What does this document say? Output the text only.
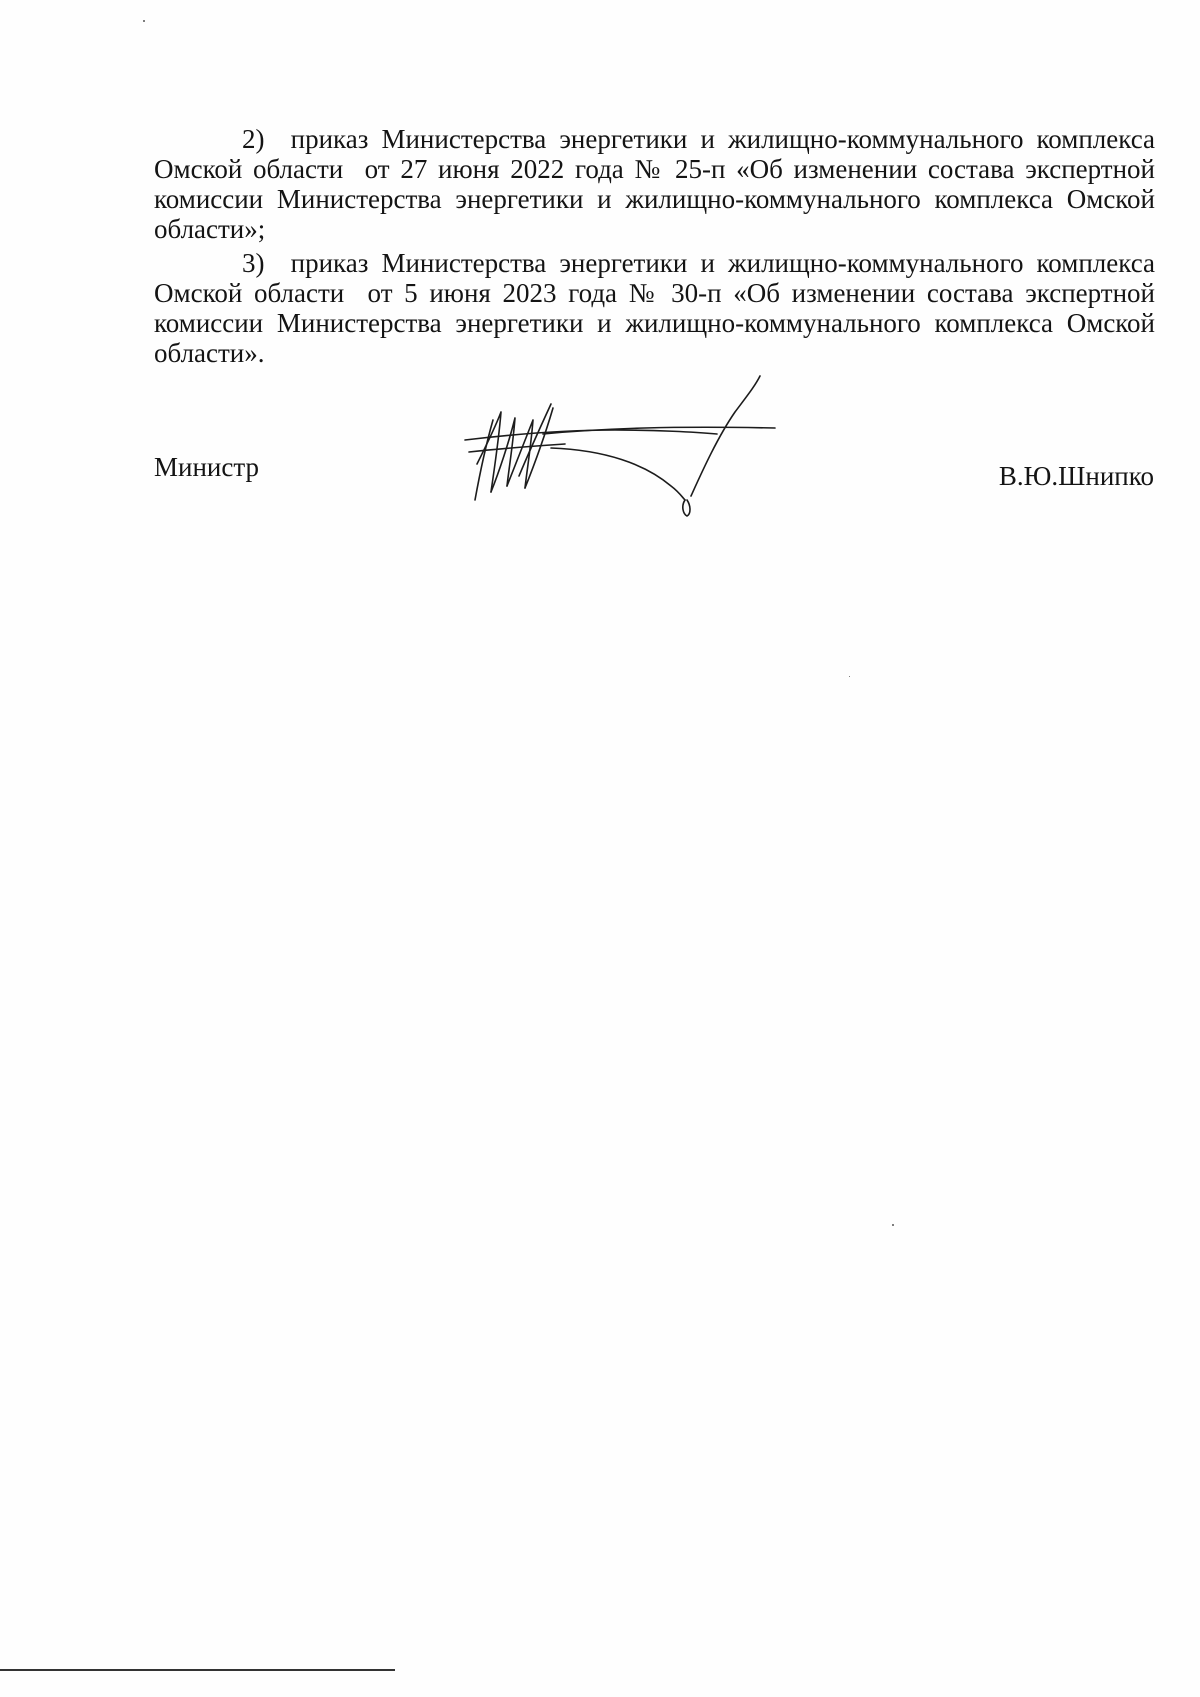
2)  приказ Министерства энергетики и жилищно-коммунального комплекса Омской области  от 27 июня 2022 года № 25-п «Об изменении состава экспертной комиссии Министерства энергетики и жилищно-коммунального комплекса Омской области»;

3)  приказ Министерства энергетики и жилищно-коммунального комплекса Омской области  от 5 июня 2023 года № 30-п «Об изменении состава экспертной комиссии Министерства энергетики и жилищно-коммунального комплекса Омской области».

Министр	В.Ю.Шнипко
